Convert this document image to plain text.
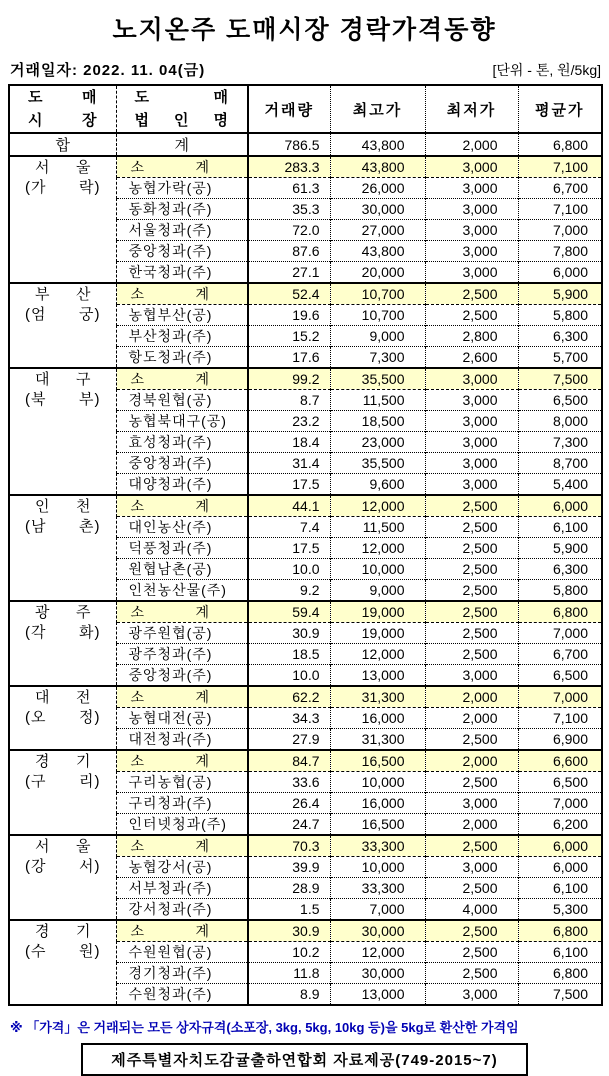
노지온주 도매시장 경락가격동향
거래일자: 2022. 11. 04(금)	[단위 - 톤, 원/5kg]
도 매
시 장

도 매
법 인 명
	거래량	최고가	최저가	평균가
합	계	786.5	43,800	2,000	6,800

서 울
(가 락)

소	계	283.3	43,800	3,000	7,100
	농협가락(공)	61.3	26,000	3,000	6,700
	동화청과(주)	35.3	30,000	3,000	7,100
	서울청과(주)	72.0	27,000	3,000	7,000
	중앙청과(주)	87.6	43,800	3,000	7,800
	한국청과(주)	27.1	20,000	3,000	6,000

부 산
(엄 궁)

소	계	52.4	10,700	2,500	5,900
	농협부산(공)	19.6	10,700	2,500	5,800
	부산청과(주)	15.2	9,000	2,800	6,300
	항도청과(주)	17.6	7,300	2,600	5,700

대 구
(북 부)

소	계	99.2	35,500	3,000	7,500
	경북원협(공)	8.7	11,500	3,000	6,500
	농협북대구(공)	23.2	18,500	3,000	8,000
	효성청과(주)	18.4	23,000	3,000	7,300
	중앙청과(주)	31.4	35,500	3,000	8,700
	대양청과(주)	17.5	9,600	3,000	5,400

인 천
(남 촌)

소	계	44.1	12,000	2,500	6,000
	대인농산(주)	7.4	11,500	2,500	6,100
	덕풍청과(주)	17.5	12,000	2,500	5,900
	원협남촌(공)	10.0	10,000	2,500	6,300
	인천농산물(주)	9.2	9,000	2,500	5,800

광 주
(각 화)

소	계	59.4	19,000	2,500	6,800
	광주원협(공)	30.9	19,000	2,500	7,000
	광주청과(주)	18.5	12,000	2,500	6,700
	중앙청과(주)	10.0	13,000	3,000	6,500

대 전
(오 정)

소	계	62.2	31,300	2,000	7,000
	농협대전(공)	34.3	16,000	2,000	7,100
	대전청과(주)	27.9	31,300	2,500	6,900

경 기
(구 리)

소	계	84.7	16,500	2,000	6,600
	구리농협(공)	33.6	10,000	2,500	6,500
	구리청과(주)	26.4	16,000	3,000	7,000
	인터넷청과(주)	24.7	16,500	2,000	6,200

서 울
(강 서)

소	계	70.3	33,300	2,500	6,000
	농협강서(공)	39.9	10,000	3,000	6,000
	서부청과(주)	28.9	33,300	2,500	6,100
	강서청과(주)	1.5	7,000	4,000	5,300

경 기
(수 원)

소	계	30.9	30,000	2,500	6,800
	수원원협(공)	10.2	12,000	2,500	6,100
	경기청과(주)	11.8	30,000	2,500	6,800
	수원청과(주)	8.9	13,000	3,000	7,500
※ 「가격」은 거래되는 모든 상자규격(소포장, 3kg, 5kg, 10kg 등)을 5kg로 환산한 가격임
제주특별자치도감귤출하연합회 자료제공(749-2015~7)
